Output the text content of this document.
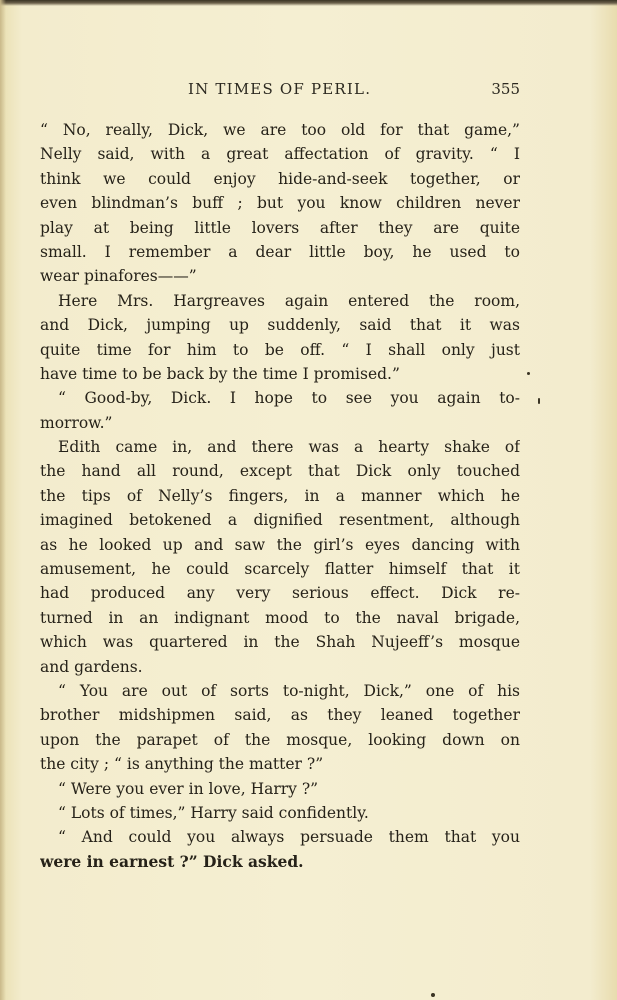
IN TIMES OF PERIL.	355
“ No, really, Dick, we are too old for that game,”
Nelly said, with a great affectation of gravity. “ I
think we could enjoy hide-and-seek together, or
even blindman’s buff ; but you know children never
play at being little lovers after they are quite
small. I remember a dear little boy, he used to
wear pinafores——”
Here Mrs. Hargreaves again entered the room,
and Dick, jumping up suddenly, said that it was
quite time for him to be off. “ I shall only just
have time to be back by the time I promised.”
“ Good-by, Dick. I hope to see you again to-
morrow.”
Edith came in, and there was a hearty shake of
the hand all round, except that Dick only touched
the tips of Nelly’s fingers, in a manner which he
imagined betokened a dignified resentment, although
as he looked up and saw the girl’s eyes dancing with
amusement, he could scarcely flatter himself that it
had produced any very serious effect. Dick re-
turned in an indignant mood to the naval brigade,
which was quartered in the Shah Nujeeff’s mosque
and gardens.
“ You are out of sorts to-night, Dick,” one of his
brother midshipmen said, as they leaned together
upon the parapet of the mosque, looking down on
the city ; “ is anything the matter ?”
“ Were you ever in love, Harry ?”
“ Lots of times,” Harry said confidently.
“ And could you always persuade them that you
were in earnest ?” Dick asked.
